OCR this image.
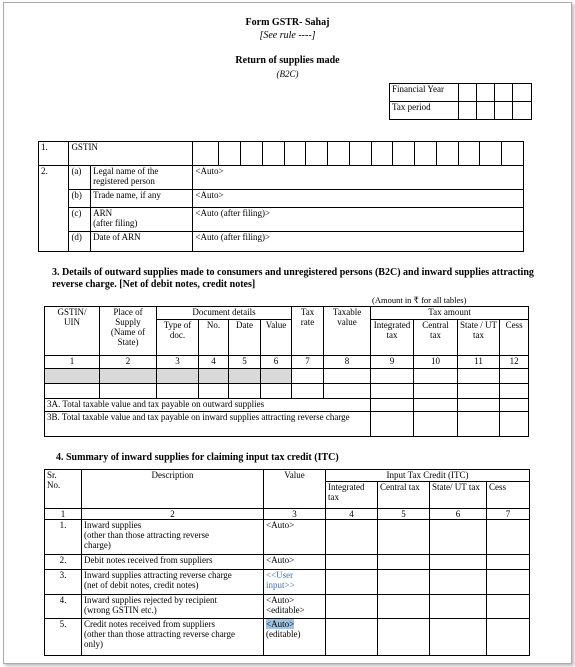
Form GSTR- Sahaj
[See rule ----]
Return of supplies made
(B2C)
Financial Year				
Tax period				
1.	GSTIN																
2.	(a)	Legal name of the registered person	<Auto>														
	(b)	Trade name, if any	<Auto>														
	(c)	ARN
(after filing)	<Auto (after filing)>														
	(d)	Date of ARN	<Auto (after filing)>														
3. Details of outward supplies made to consumers and unregistered persons (B2C) and inward supplies attracting reverse charge. [Net of debit notes, credit notes]
(Amount in ₹ for all tables)
GSTIN/
UIN	Place of Supply (Name of State)	Document details				Tax rate	Taxable value	Tax amount			
		Type of doc.	No.	Date	Value			Integrated tax	Central tax	State / UT tax	Cess
1	2	3	4	5	6	7	8	9	10	11	12

3A. Total taxable value and tax payable on outward supplies											
3B. Total taxable value and tax payable on inward supplies attracting reverse charge											
4. Summary of inward supplies for claiming input tax credit (ITC)
Sr.
No.	Description	Value	Input Tax Credit (ITC)			
			Integrated tax	Central tax	State/ UT tax	Cess
1	2	3	4	5	6	7
1.	Inward supplies
(other than those attracting reverse
charge)	<Auto>				
2.	Debit notes received from suppliers	<Auto>				
3.	Inward supplies attracting reverse charge
(net of debit notes, credit notes)	<<User
input>>				
4.	Inward supplies rejected by recipient
(wrong GSTIN etc.)	<Auto>
<editable>				
5.	Credit notes received from suppliers
(other than those attracting reverse charge
only)	<Auto>
(editable)				
